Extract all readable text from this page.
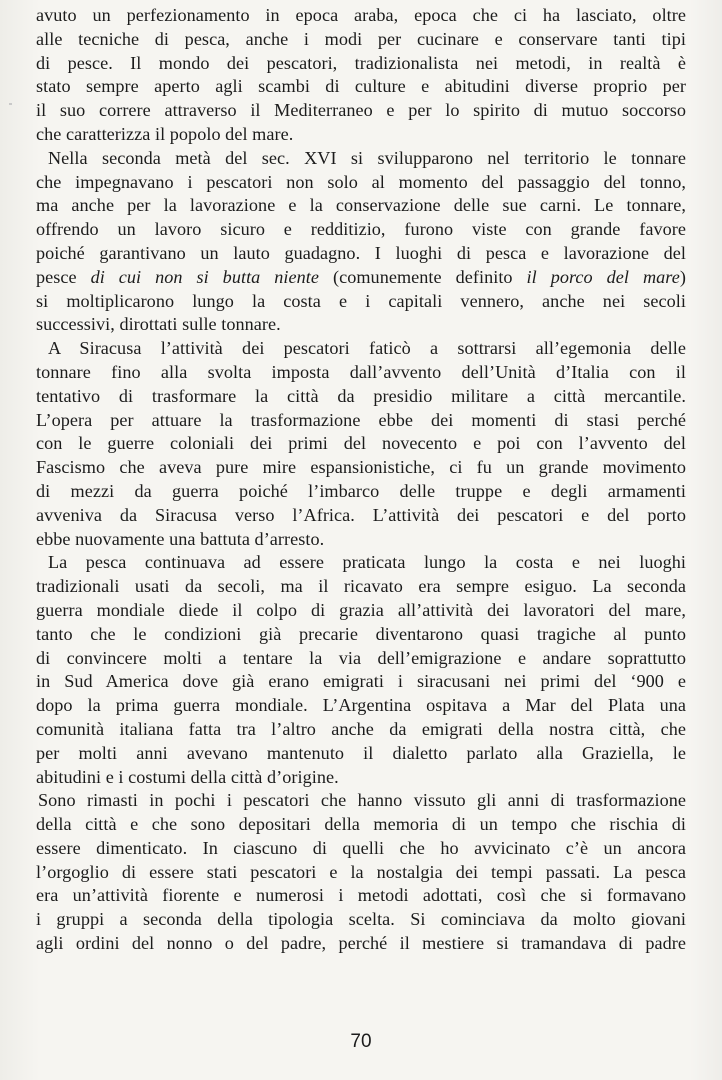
avuto un perfezionamento in epoca araba, epoca che ci ha lasciato, oltre
alle tecniche di pesca, anche i modi per cucinare e conservare tanti tipi
di pesce. Il mondo dei pescatori, tradizionalista nei metodi, in realtà è
stato sempre aperto agli scambi di culture e abitudini diverse proprio per
il suo correre attraverso il Mediterraneo e per lo spirito di mutuo soccorso
che caratterizza il popolo del mare.

Nella seconda metà del sec. XVI si svilupparono nel territorio le tonnare
che impegnavano i pescatori non solo al momento del passaggio del tonno,
ma anche per la lavorazione e la conservazione delle sue carni. Le tonnare,
offrendo un lavoro sicuro e redditizio, furono viste con grande favore
poiché garantivano un lauto guadagno. I luoghi di pesca e lavorazione del
pesce di cui non si butta niente (comunemente definito il porco del mare)
si moltiplicarono lungo la costa e i capitali vennero, anche nei secoli
successivi, dirottati sulle tonnare.

A Siracusa l’attività dei pescatori faticò a sottrarsi all’egemonia delle
tonnare fino alla svolta imposta dall’avvento dell’Unità d’Italia con il
tentativo di trasformare la città da presidio militare a città mercantile.
L’opera per attuare la trasformazione ebbe dei momenti di stasi perché
con le guerre coloniali dei primi del novecento e poi con l’avvento del
Fascismo che aveva pure mire espansionistiche, ci fu un grande movimento
di mezzi da guerra poiché l’imbarco delle truppe e degli armamenti
avveniva da Siracusa verso l’Africa. L’attività dei pescatori e del porto
ebbe nuovamente una battuta d’arresto.

La pesca continuava ad essere praticata lungo la costa e nei luoghi
tradizionali usati da secoli, ma il ricavato era sempre esiguo. La seconda
guerra mondiale diede il colpo di grazia all’attività dei lavoratori del mare,
tanto che le condizioni già precarie diventarono quasi tragiche al punto
di convincere molti a tentare la via dell’emigrazione e andare soprattutto
in Sud America dove già erano emigrati i siracusani nei primi del ‘900 e
dopo la prima guerra mondiale. L’Argentina ospitava a Mar del Plata una
comunità italiana fatta tra l’altro anche da emigrati della nostra città, che
per molti anni avevano mantenuto il dialetto parlato alla Graziella, le
abitudini e i costumi della città d’origine.

Sono rimasti in pochi i pescatori che hanno vissuto gli anni di trasformazione
della città e che sono depositari della memoria di un tempo che rischia di
essere dimenticato. In ciascuno di quelli che ho avvicinato c’è un ancora
l’orgoglio di essere stati pescatori e la nostalgia dei tempi passati. La pesca
era un’attività fiorente e numerosi i metodi adottati, così che si formavano
i gruppi a seconda della tipologia scelta. Si cominciava da molto giovani
agli ordini del nonno o del padre, perché il mestiere si tramandava di padre

70
